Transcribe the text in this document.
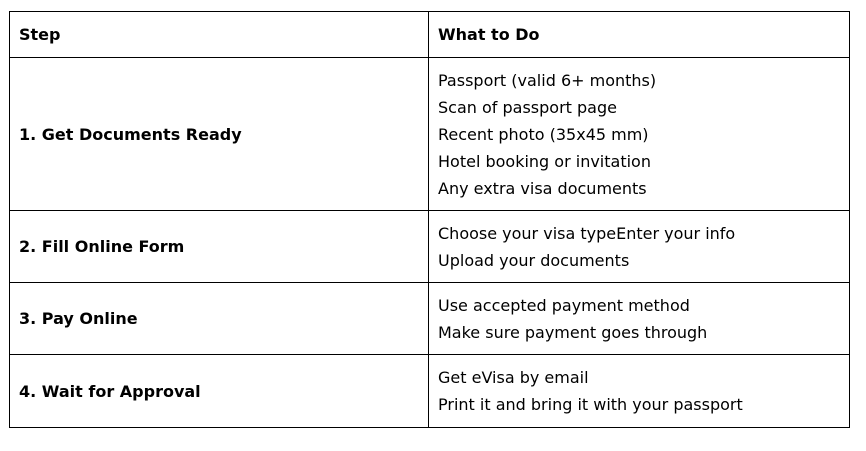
Step	What to Do
1. Get Documents Ready	Passport (valid 6+ months)
Scan of passport page
Recent photo (35x45 mm)
Hotel booking or invitation
Any extra visa documents

2. Fill Online Form	Choose your visa typeEnter your info
Upload your documents

3. Pay Online	Use accepted payment method
Make sure payment goes through

4. Wait for Approval	Get eVisa by email
Print it and bring it with your passport
